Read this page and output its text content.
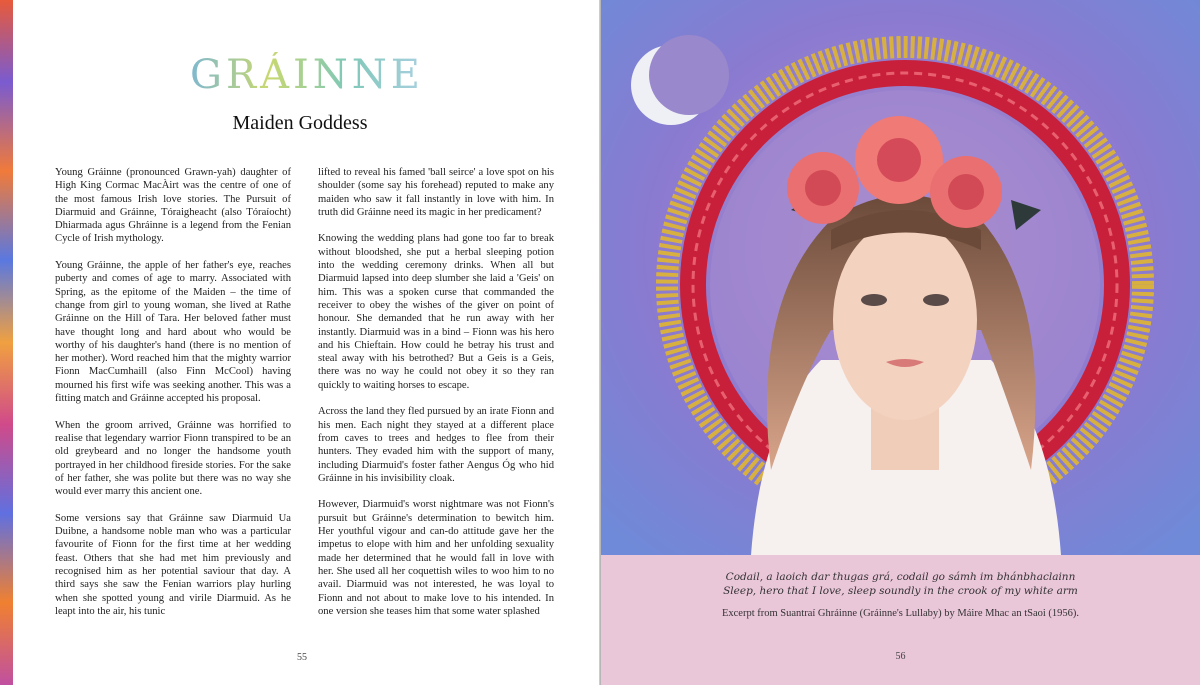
GRÁINNE
Maiden Goddess

Young Gráinne (pronounced Grawn-yah) daughter of High King Cormac MacÀirt was the centre of one of the most famous Irish love stories. The Pursuit of Diarmuid and Gráinne, Tóraigheacht (also Tóraíocht) Dhiarmada agus Ghráinne is a legend from the Fenian Cycle of Irish mythology.

Young Gráinne, the apple of her father's eye, reaches puberty and comes of age to marry. Associated with Spring, as the epitome of the Maiden – the time of change from girl to young woman, she lived at Rathe Gráinne on the Hill of Tara. Her beloved father must have thought long and hard about who would be worthy of his daughter's hand (there is no mention of her mother). Word reached him that the mighty warrior Fionn MacCumhaill (also Finn McCool) having mourned his first wife was seeking another. This was a fitting match and Gráinne accepted his proposal.

When the groom arrived, Gráinne was horrified to realise that legendary warrior Fionn transpired to be an old greybeard and no longer the handsome youth portrayed in her childhood fireside stories. For the sake of her father, she was polite but there was no way she would ever marry this ancient one.

Some versions say that Gráinne saw Diarmuid Ua Duibne, a handsome noble man who was a particular favourite of Fionn for the first time at her wedding feast. Others that she had met him previously and recognised him as her potential saviour that day. A third says she saw the Fenian warriors play hurling when she spotted young and virile Diarmuid. As he leapt into the air, his tunic

lifted to reveal his famed 'ball seirce' a love spot on his shoulder (some say his forehead) reputed to make any maiden who saw it fall instantly in love with him. In truth did Gráinne need its magic in her predicament?

Knowing the wedding plans had gone too far to break without bloodshed, she put a herbal sleeping potion into the wedding ceremony drinks. When all but Diarmuid lapsed into deep slumber she laid a 'Geis' on him. This was a spoken curse that commanded the receiver to obey the wishes of the giver on point of honour. She demanded that he run away with her instantly. Diarmuid was in a bind – Fionn was his hero and his Chieftain. How could he betray his trust and steal away with his betrothed? But a Geis is a Geis, there was no way he could not obey it so they ran quickly to waiting horses to escape.

Across the land they fled pursued by an irate Fionn and his men. Each night they stayed at a different place from caves to trees and hedges to flee from their hunters. They evaded him with the support of many, including Diarmuid's foster father Aengus Óg who hid Gráinne in his invisibility cloak.

However, Diarmuid's worst nightmare was not Fionn's pursuit but Gráinne's determination to bewitch him. Her youthful vigour and can-do attitude gave her the impetus to elope with him and her unfolding sexuality made her determined that he would fall in love with her. She used all her coquettish wiles to woo him to no avail. Diarmuid was not interested, he was loyal to Fionn and not about to make love to his intended. In one version she teases him that some water splashed

55
Codail, a laoich dar thugas grá, codail go sámh im bhánbhaclainn
Sleep, hero that I love, sleep soundly in the crook of my white arm
Excerpt from Suantraí Ghráinne (Gráinne's Lullaby) by Máire Mhac an tSaoi (1956).
56
